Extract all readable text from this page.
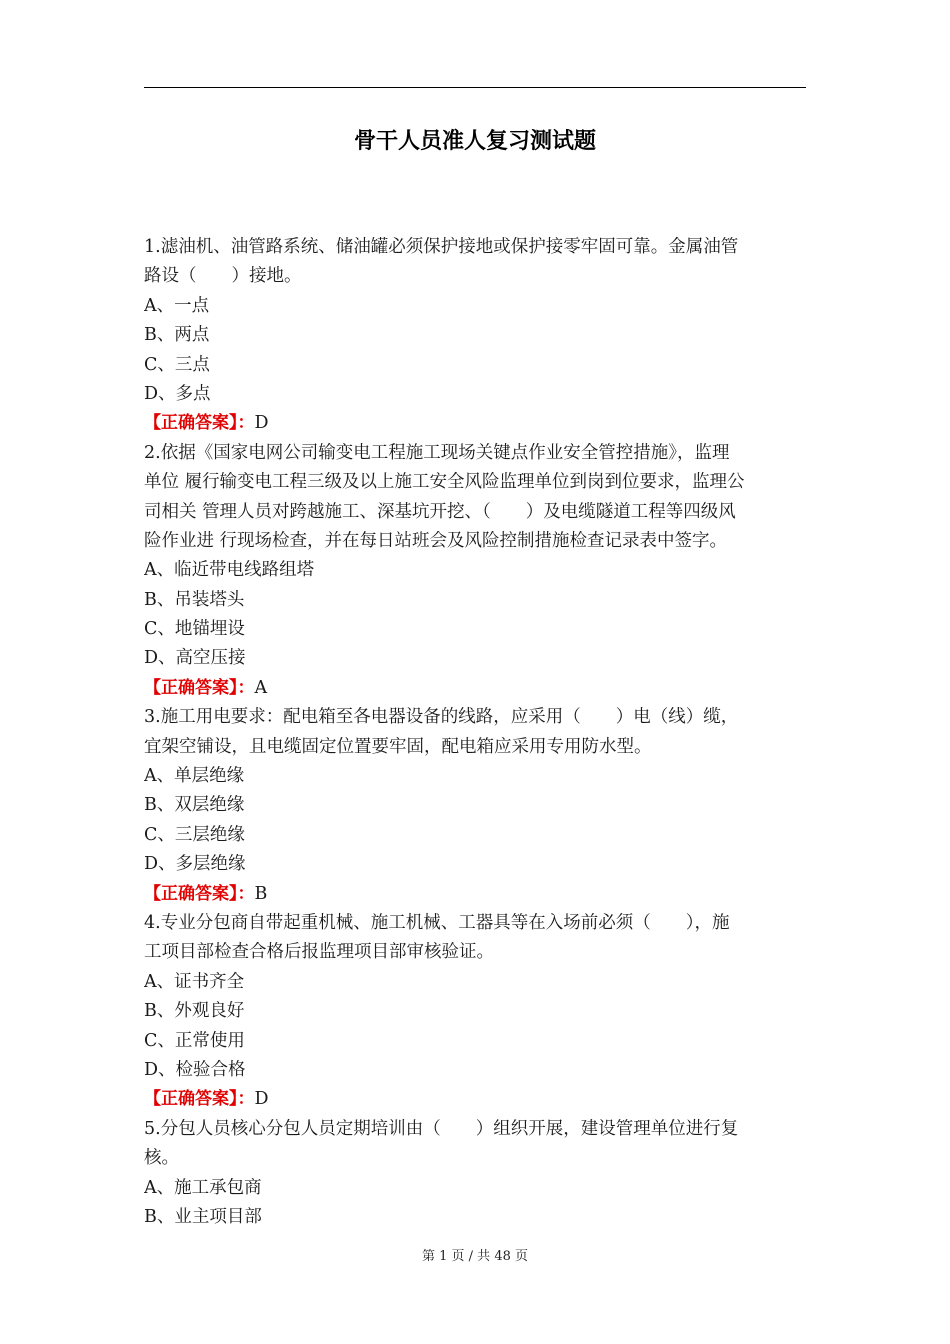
骨干人员准人复习测试题
1.滤油机、油管路系统、储油罐必须保护接地或保护接零牢固可靠。金属油管
路设（　　）接地。
A、一点
B、两点
C、三点
D、多点
【正确答案】：D
2.依据《国家电网公司输变电工程施工现场关键点作业安全管控措施》，监理
单位 履行输变电工程三级及以上施工安全风险监理单位到岗到位要求，监理公
司相关 管理人员对跨越施工、深基坑开挖、（　　）及电缆隧道工程等四级风
险作业进 行现场检查，并在每日站班会及风险控制措施检查记录表中签字。
A、临近带电线路组塔
B、吊装塔头
C、地锚埋设
D、高空压接
【正确答案】：A
3.施工用电要求：配电箱至各电器设备的线路，应采用（　　）电（线）缆，
宜架空铺设，且电缆固定位置要牢固，配电箱应采用专用防水型。
A、单层绝缘
B、双层绝缘
C、三层绝缘
D、多层绝缘
【正确答案】：B
4.专业分包商自带起重机械、施工机械、工器具等在入场前必须（　　），施
工项目部检查合格后报监理项目部审核验证。
A、证书齐全
B、外观良好
C、正常使用
D、检验合格
【正确答案】：D
5.分包人员核心分包人员定期培训由（　　）组织开展，建设管理单位进行复
核。
A、施工承包商
B、业主项目部
第 1 页 / 共 48 页
